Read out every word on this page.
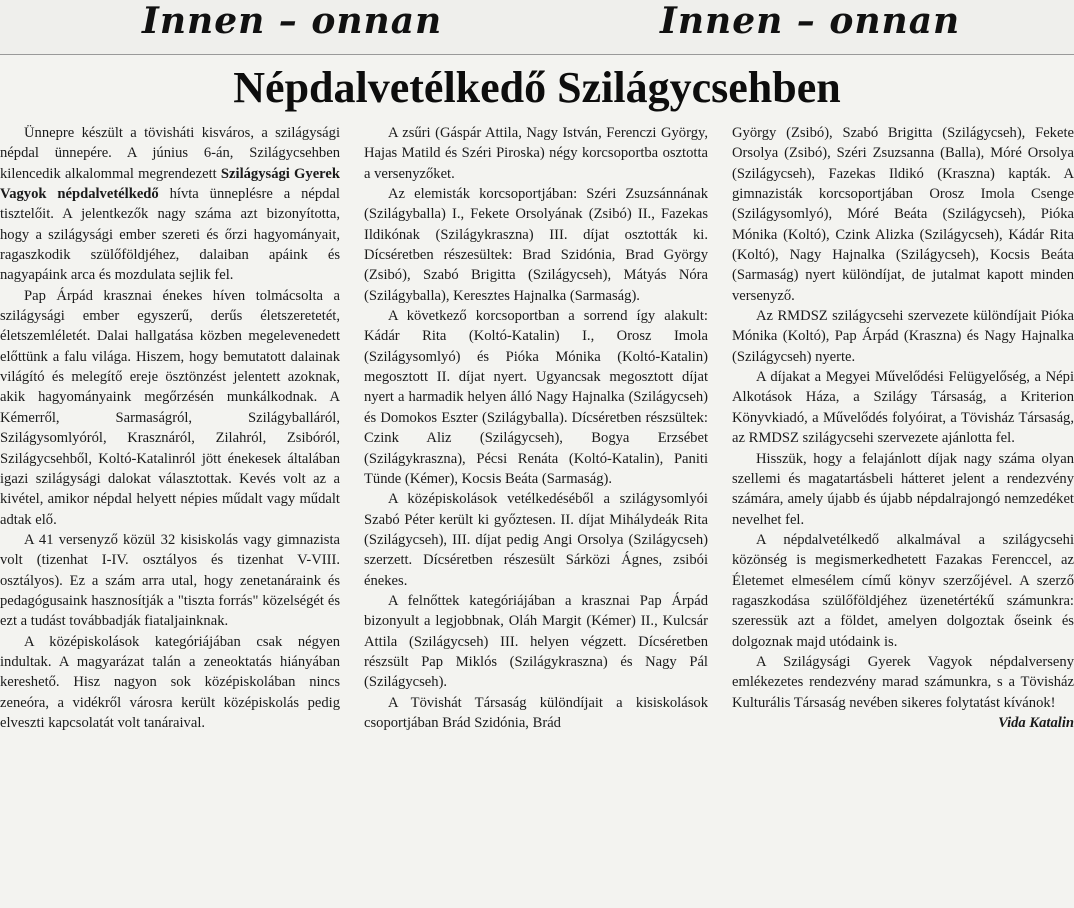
Innen – onnan	Innen – onnan
Népdalvetélkedő Szilágycsehben

Ünnepre készült a tövisháti kisváros, a szilágysági népdal ünnepére. A június 6-án, Szilágycsehben kilencedik alkalommal megrendezett Szilágysági Gyerek Vagyok népdalvetélkedő hívta ünneplésre a népdal tisztelőit. A jelentkezők nagy száma azt bizonyította, hogy a szilágysági ember szereti és őrzi hagyományait, ragaszkodik szülőföldjéhez, dalaiban apáink és nagyapáink arca és mozdulata sejlik fel.

Pap Árpád krasznai énekes híven tolmácsolta a szilágysági ember egyszerű, derűs életszeretetét, életszemléletét. Dalai hallgatása közben megelevenedett előttünk a falu világa. Hiszem, hogy bemutatott dalainak világító és melegítő ereje ösztönzést jelentett azoknak, akik hagyományaink megőrzésén munkálkodnak. A Kémerről, Sarmaságról, Szilágyballáról, Szilágysomlyóról, Krasznáról, Zilahról, Zsibóról, Szilágycsehből, Koltó-Katalinról jött énekesek általában igazi szilágysági dalokat választottak. Kevés volt az a kivétel, amikor népdal helyett népies műdalt vagy műdalt adtak elő.

A 41 versenyző közül 32 kisiskolás vagy gimnazista volt (tizenhat I-IV. osztályos és tizenhat V-VIII. osztályos). Ez a szám arra utal, hogy zenetanáraink és pedagógusaink hasznosítják a "tiszta forrás" közelségét és ezt a tudást továbbadják fiataljainknak.

A középiskolások kategóriájában csak négyen indultak. A magyarázat talán a zeneoktatás hiányában kereshető. Hisz nagyon sok középiskolában nincs zeneóra, a vidékről városra került középiskolás pedig elveszti kapcsolatát volt tanáraival.

A zsűri (Gáspár Attila, Nagy István, Ferenczi György, Hajas Matild és Széri Piroska) négy korcsoportba osztotta a versenyzőket.

Az elemisták korcsoportjában: Széri Zsuzsánnának (Szilágyballa) I., Fekete Orsolyának (Zsibó) II., Fazekas Ildikónak (Szilágykraszna) III. díjat osztották ki. Dícséretben részesültek: Brad Szidónia, Brad György (Zsibó), Szabó Brigitta (Szilágycseh), Mátyás Nóra (Szilágyballa), Keresztes Hajnalka (Sarmaság).

A következő korcsoportban a sorrend így alakult: Kádár Rita (Koltó-Katalin) I., Orosz Imola (Szilágysomlyó) és Pióka Mónika (Koltó-Katalin) megosztott II. díjat nyert. Ugyancsak megosztott díjat nyert a harmadik helyen álló Nagy Hajnalka (Szilágycseh) és Domokos Eszter (Szilágyballa). Dícséretben részsültek: Czink Aliz (Szilágycseh), Bogya Erzsébet (Szilágykraszna), Pécsi Renáta (Koltó-Katalin), Paniti Tünde (Kémer), Kocsis Beáta (Sarmaság).

A középiskolások vetélkedéséből a szilágysomlyói Szabó Péter került ki győztesen. II. díjat Mihálydeák Rita (Szilágycseh), III. díjat pedig Angi Orsolya (Szilágycseh) szerzett. Dícséretben részesült Sárközi Ágnes, zsibói énekes.

A felnőttek kategóriájában a krasznai Pap Árpád bizonyult a legjobbnak, Oláh Margit (Kémer) II., Kulcsár Attila (Szilágycseh) III. helyen végzett. Dícséretben részsült Pap Miklós (Szilágykraszna) és Nagy Pál (Szilágycseh).

A Tövishát Társaság különdíjait a kisiskolások csoportjában Brád Szidónia, Brád

György (Zsibó), Szabó Brigitta (Szilágycseh), Fekete Orsolya (Zsibó), Széri Zsuzsanna (Balla), Móré Orsolya (Szilágycseh), Fazekas Ildikó (Kraszna) kapták. A gimnazisták korcsoportjában Orosz Imola Csenge (Szilágysomlyó), Móré Beáta (Szilágycseh), Pióka Mónika (Koltó), Czink Alizka (Szilágycseh), Kádár Rita (Koltó), Nagy Hajnalka (Szilágycseh), Kocsis Beáta (Sarmaság) nyert különdíjat, de jutalmat kapott minden versenyző.

Az RMDSZ szilágycsehi szervezete különdíjait Pióka Mónika (Koltó), Pap Árpád (Kraszna) és Nagy Hajnalka (Szilágycseh) nyerte.

A díjakat a Megyei Művelődési Felügyelőség, a Népi Alkotások Háza, a Szilágy Társaság, a Kriterion Könyvkiadó, a Művelődés folyóirat, a Tövisház Társaság, az RMDSZ szilágycsehi szervezete ajánlotta fel.

Hisszük, hogy a felajánlott díjak nagy száma olyan szellemi és magatartásbeli hátteret jelent a rendezvény számára, amely újabb és újabb népdalrajongó nemzedéket nevelhet fel.

A népdalvetélkedő alkalmával a szilágycsehi közönség is megismerkedhetett Fazakas Ferenccel, az Életemet elmesélem című könyv szerzőjével. A szerző ragaszkodása szülőföldjéhez üzenetértékű számunkra: szeressük azt a földet, amelyen dolgoztak őseink és dolgoznak majd utódaink is.

A Szilágysági Gyerek Vagyok népdalverseny emlékezetes rendezvény marad számunkra, s a Tövisház Kulturális Társaság nevében sikeres folytatást kívánok!

Vida Katalin
